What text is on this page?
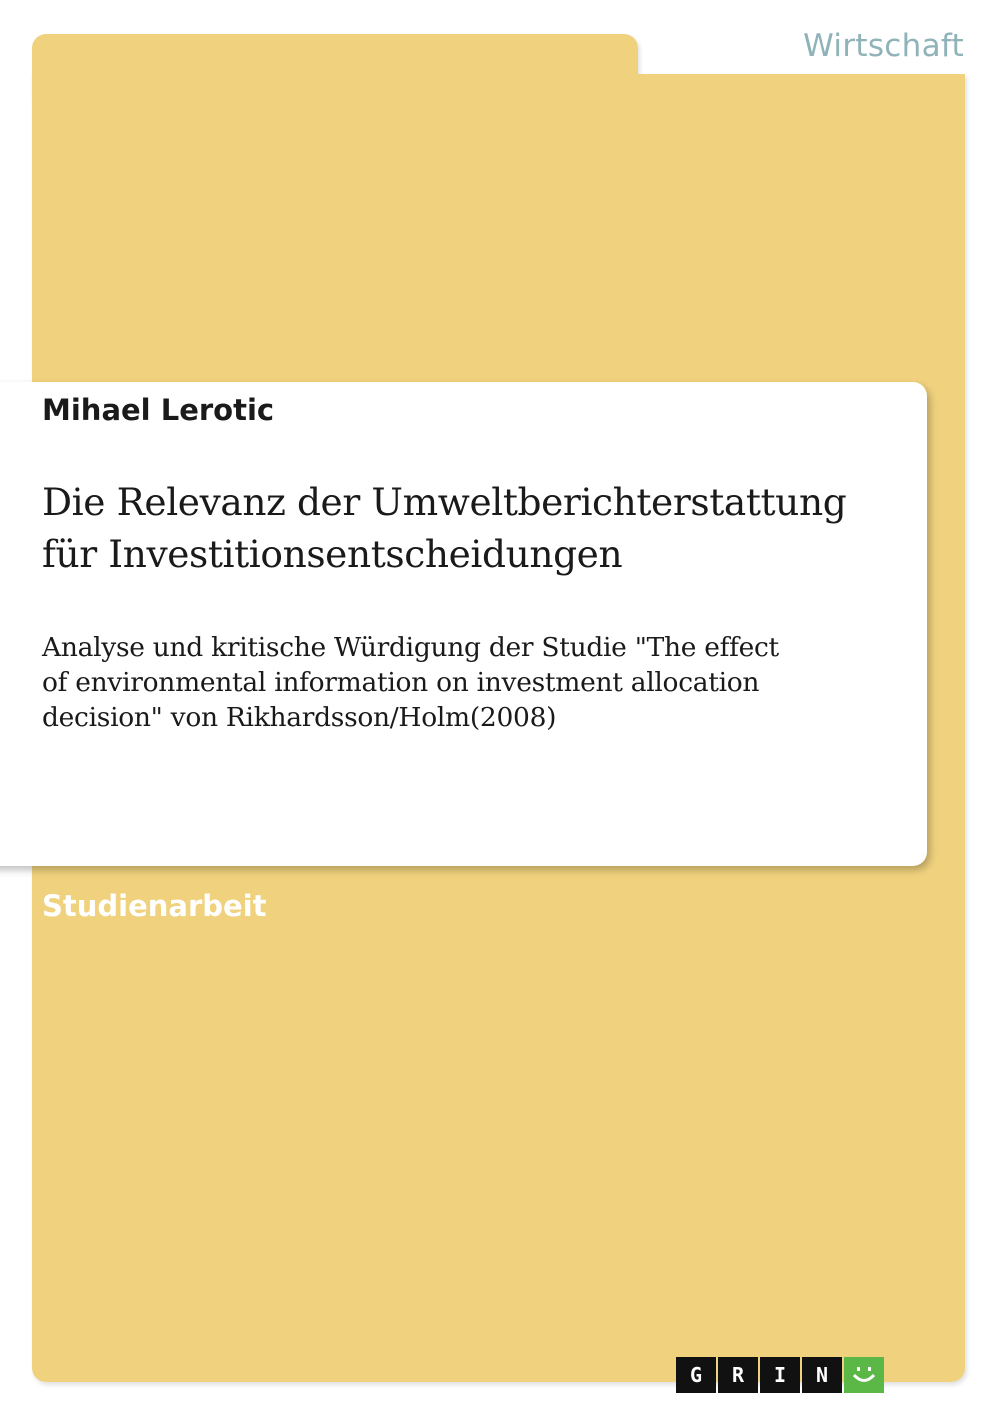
Wirtschaft
Mihael Lerotic
Die Relevanz der Umweltberichterstattung
für Investitionsentscheidungen
Analyse und kritische Würdigung der Studie "The effect
of environmental information on investment allocation
decision" von Rikhardsson/Holm(2008)
Studienarbeit
G	R	I	N
